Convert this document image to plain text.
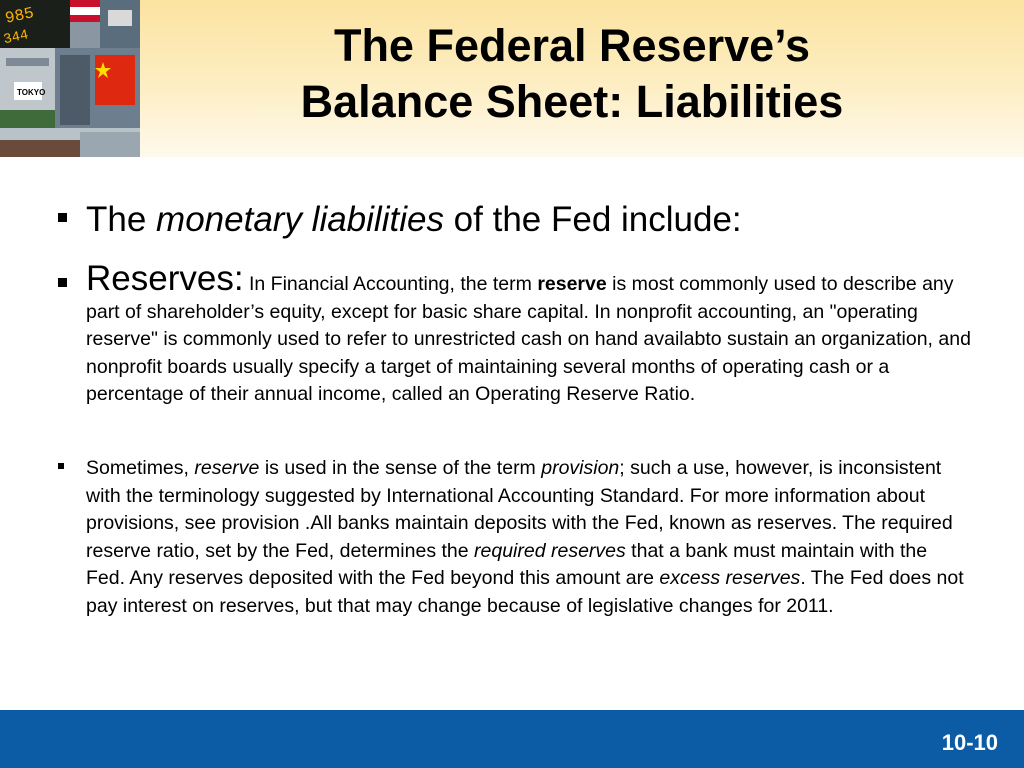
985
344
TOKYO
The Federal Reserve’s
Balance Sheet: Liabilities
The monetary liabilities of the Fed include:
Reserves: In Financial Accounting, the term reserve is most commonly used to describe any part of shareholder’s equity, except for basic share capital. In nonprofit accounting, an "operating reserve" is commonly used to refer to unrestricted cash on hand availabto sustain an organization, and nonprofit boards usually specify a target of maintaining several months of operating cash or a percentage of their annual income, called an Operating Reserve Ratio.
Sometimes, reserve is used in the sense of the term provision; such a use, however, is inconsistent with the terminology suggested by International Accounting Standard. For more information about provisions, see provision .All banks maintain deposits with the Fed, known as reserves. The required reserve ratio, set by the Fed, determines the required reserves that a bank must maintain with the Fed. Any reserves deposited with the Fed beyond this amount are excess reserves. The Fed does not pay interest on reserves, but that may change because of legislative changes for 2011.
10-10
